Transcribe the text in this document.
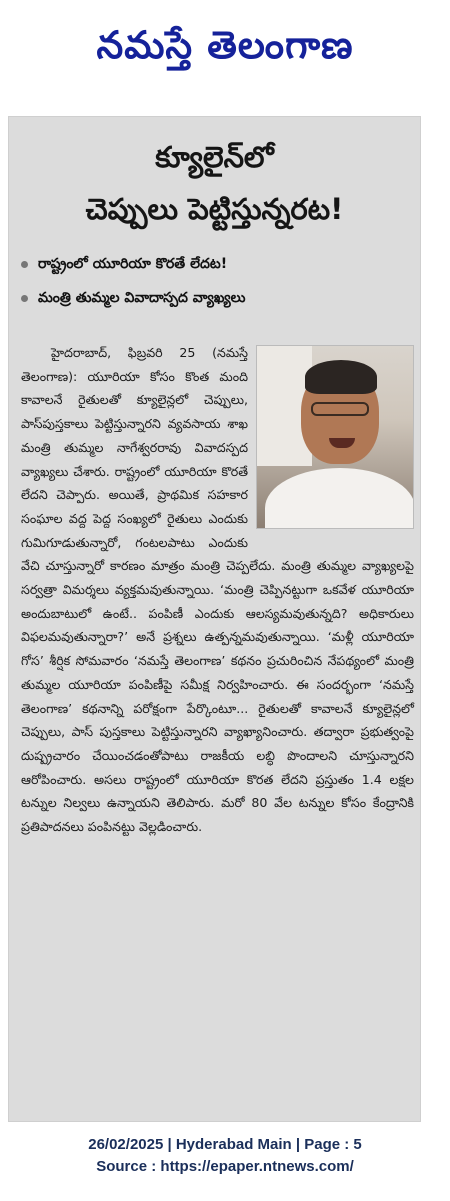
నమస్తే తెలంగాణ
క్యూలైన్‌లో
చెప్పులు పెట్టిస్తున్నరట!
రాష్ట్రంలో యూరియా కొరతే లేదట!
మంత్రి తుమ్మల వివాదాస్పద వ్యాఖ్యలు

హైదరాబాద్, ఫిబ్రవరి 25 (నమస్తే తెలంగాణ): యూరియా కోసం కొంత మంది కావాలనే రైతులతో క్యూలైన్లలో చెప్పులు, పాస్‌పుస్తకాలు పెట్టిస్తున్నారని వ్యవసాయ శాఖ మంత్రి తుమ్మల నాగేశ్వరరావు వివాదస్పద వ్యాఖ్యలు చేశారు. రాష్ట్రంలో యూరియా కొరతే లేదని చెప్పారు. అయితే, ప్రాథమిక సహకార సంఘాల వద్ద పెద్ద సంఖ్యలో రైతులు ఎందుకు గుమిగూడుతున్నారో, గంటలపాటు ఎందుకు వేచి చూస్తున్నారో కారణం మాత్రం మంత్రి చెప్పలేదు. మంత్రి తుమ్మల వ్యాఖ్యలపై సర్వత్రా విమర్శలు వ్యక్తమవుతున్నాయి. ‘మంత్రి చెప్పినట్టుగా ఒకవేళ యూరియా అందుబాటులో ఉంటే.. పంపిణీ ఎందుకు ఆలస్యమవుతున్నది? అధికారులు విఫలమవుతున్నారా?’ అనే ప్రశ్నలు ఉత్పన్నమవుతున్నాయి. ‘మళ్లీ యూరియా గోస’ శీర్షిక సోమవారం ‘నమస్తే తెలంగాణ’ కథనం ప్రచురించిన నేపథ్యంలో మంత్రి తుమ్మల యూరియా పంపిణీపై సమీక్ష నిర్వహించారు. ఈ సందర్భంగా ‘నమస్తే తెలంగాణ’ కథనాన్ని పరోక్షంగా పేర్కొంటూ... రైతులతో కావాలనే క్యూలైన్లలో చెప్పులు, పాస్ పుస్తకాలు పెట్టిస్తున్నారని వ్యాఖ్యానించారు. తద్వారా ప్రభుత్వంపై దుష్ప్రచారం చేయించడంతోపాటు రాజకీయ లబ్ధి పొందాలని చూస్తున్నారని ఆరోపించారు. అసలు రాష్ట్రంలో యూరియా కొరత లేదని ప్రస్తుతం 1.4 లక్షల టన్నుల నిల్వలు ఉన్నాయని తెలిపారు. మరో 80 వేల టన్నుల కోసం కేంద్రానికి ప్రతిపాదనలు పంపినట్టు వెల్లడించారు.

26/02/2025 | Hyderabad Main | Page : 5
Source : https://epaper.ntnews.com/
